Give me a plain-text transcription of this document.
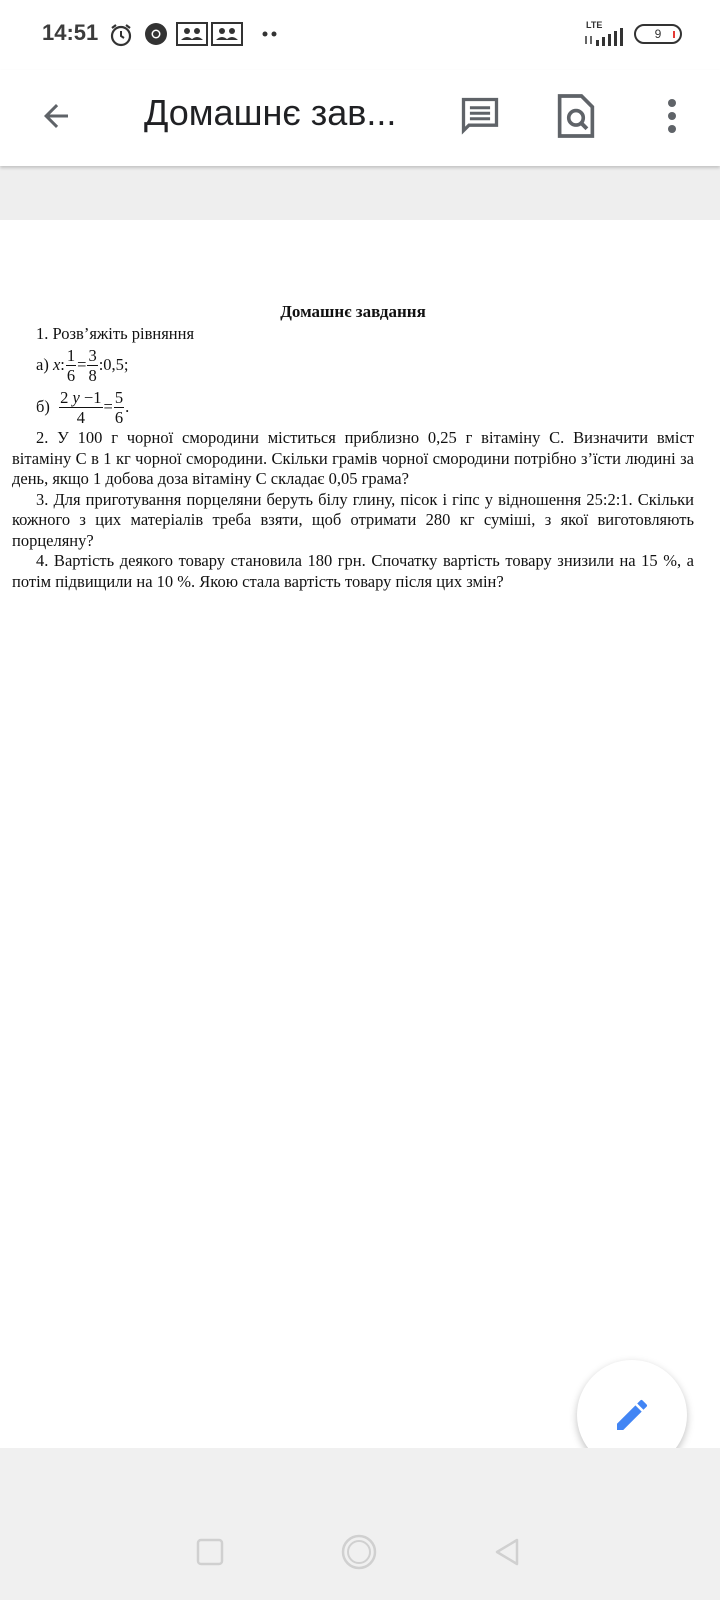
14:51	LTE
9
Домашнє зав...
Домашнє завдання
1. Розв’яжіть рівняння
а)
x : $\frac{1}{6} = \frac{3}{8}$ :0,5;
б)
$\frac{2 y -1}{4} = \frac{5}{6}$ .
2. У 100 г чорної смородини міститься приблизно 0,25 г вітаміну С. Визначити вміст вітаміну С в 1 кг чорної смородини. Скільки грамів чорної смородини потрібно з’їсти людині за день, якщо 1 добова доза вітаміну С складає 0,05 грама?
3. Для приготування порцеляни беруть білу глину, пісок і гіпс у відношення 25:2:1. Скільки кожного з цих матеріалів треба взяти, щоб отримати 280 кг суміші, з якої виготовляють порцеляну?
4. Вартість деякого товару становила 180 грн. Спочатку вартість товару знизили на 15 %, а потім підвищили на 10 %. Якою стала вартість товару після цих змін?
